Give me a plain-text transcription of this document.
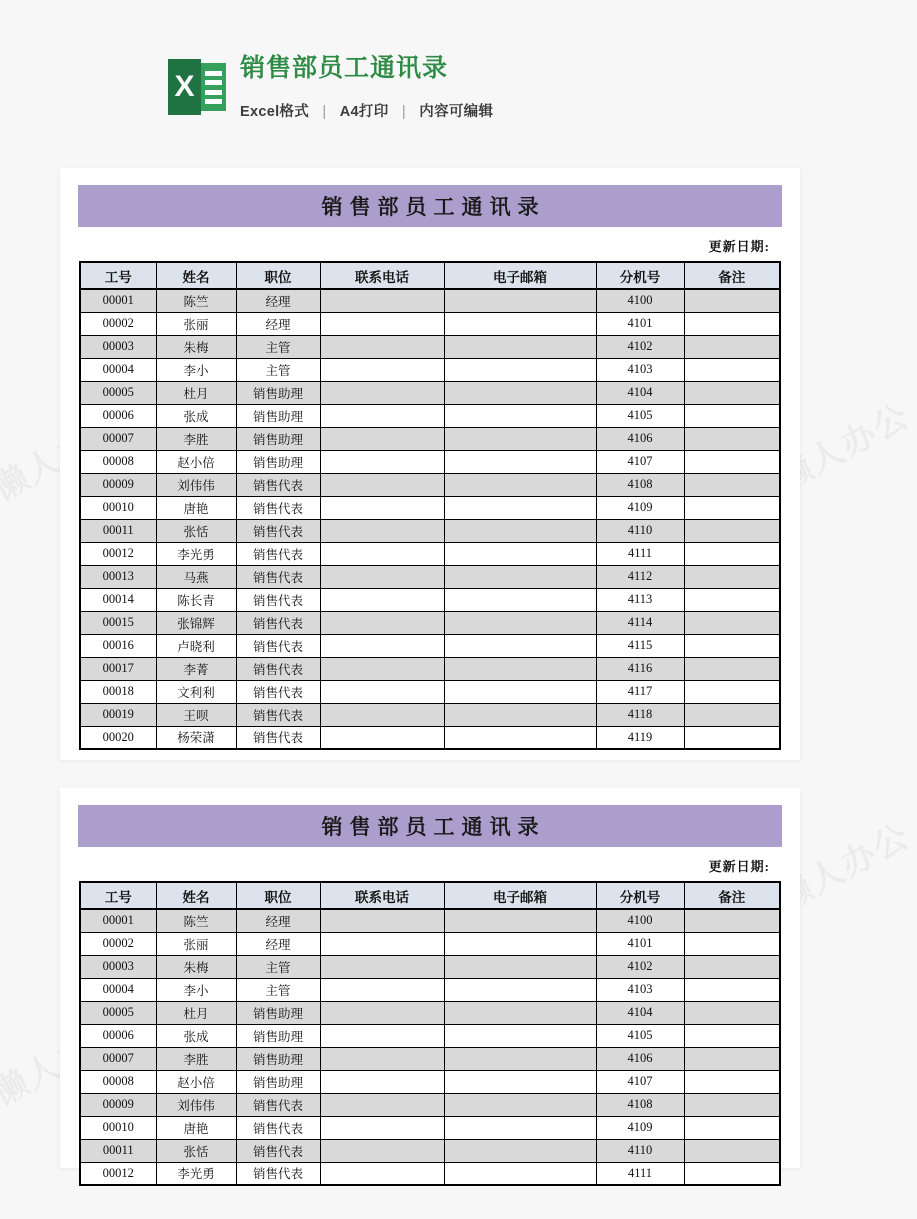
X
销售部员工通讯录
Excel格式 | A4打印 | 内容可编辑
销售部员工通讯录
更新日期:
工号	姓名	职位	联系电话	电子邮箱	分机号	备注
00001	陈竺	经理			4100	
00002	张丽	经理			4101	
00003	朱梅	主管			4102	
00004	李小	主管			4103	
00005	杜月	销售助理			4104	
00006	张成	销售助理			4105	
00007	李胜	销售助理			4106	
00008	赵小倍	销售助理			4107	
00009	刘伟伟	销售代表			4108	
00010	唐艳	销售代表			4109	
00011	张恬	销售代表			4110	
00012	李光勇	销售代表			4111	
00013	马燕	销售代表			4112	
00014	陈长青	销售代表			4113	
00015	张锦辉	销售代表			4114	
00016	卢晓利	销售代表			4115	
00017	李菁	销售代表			4116	
00018	文利利	销售代表			4117	
00019	王呗	销售代表			4118	
00020	杨荣潇	销售代表			4119	
销售部员工通讯录
更新日期:
工号	姓名	职位	联系电话	电子邮箱	分机号	备注
00001	陈竺	经理			4100	
00002	张丽	经理			4101	
00003	朱梅	主管			4102	
00004	李小	主管			4103	
00005	杜月	销售助理			4104	
00006	张成	销售助理			4105	
00007	李胜	销售助理			4106	
00008	赵小倍	销售助理			4107	
00009	刘伟伟	销售代表			4108	
00010	唐艳	销售代表			4109	
00011	张恬	销售代表			4110	
00012	李光勇	销售代表			4111	
